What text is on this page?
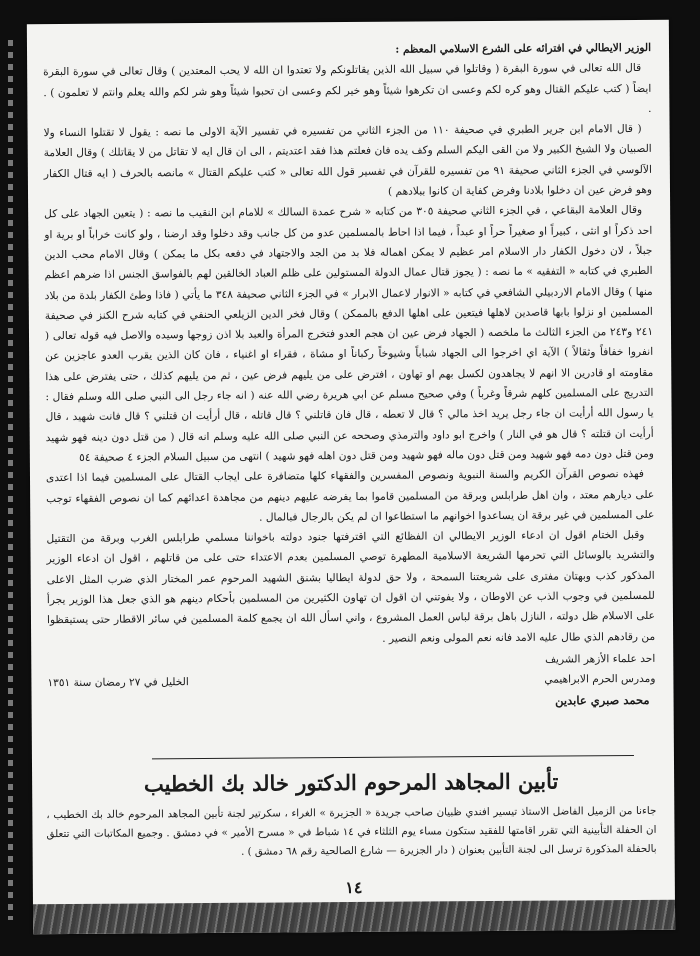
الوزير الايطالي في افترائه على الشرع الاسلامي المعظم :

قال الله تعالى في سورة البقرة ( وقاتلوا في سبيل الله الذين يقاتلونكم ولا تعتدوا ان الله لا يحب المعتدين ) وقال تعالى في سورة البقرة ايضاً ( كتب عليكم القتال وهو كره لكم وعسى ان تكرهوا شيئاً وهو خير لكم وعسى ان تحبوا شيئاً وهو شر لكم والله يعلم وانتم لا تعلمون ) . .

( قال الامام ابن جرير الطبري في صحيفة ١١٠ من الجزء الثاني من تفسيره في تفسير الآية الاولى ما نصه : يقول لا تقتلوا النساء ولا الصبيان ولا الشيخ الكبير ولا من القى اليكم السلم وكف يده فان فعلتم هذا فقد اعتديتم ، الى ان قال ايه لا تقاتل من لا يقاتلك ) وقال العلامة الآلوسي في الجزء الثاني صحيفة ٩١ من تفسيره للقرآن في تفسير قول الله تعالى « كتب عليكم القتال » مانصه بالحرف ( ايه قتال الكفار وهو فرض عين ان دخلوا بلادنا وفرض كفاية ان كانوا ببلادهم )

وقال العلامة البقاعي ، في الجزء الثاني صحيفة ٣٠٥ من كتابه « شرح عمدة السالك » للامام ابن النقيب ما نصه : ( يتعين الجهاد على كل احد ذكراً او انثى ، كبيراً او صغيراً حراً او عبداً ، فيما اذا احاط بالمسلمين عدو من كل جانب وقد دخلوا وقد ارضنا ، ولو كانت خراباً او برية او جبلاً ، لان دخول الكفار دار الاسلام امر عظيم لا يمكن اهماله فلا بد من الجد والاجتهاد في دفعه بكل ما يمكن ) وقال الامام محب الدين الطبري في كتابه « التفقيه » ما نصه : ( يجوز قتال عمال الدولة المستولين على ظلم العباد الخالقين لهم بالفواسق الجنس اذا ضرهم اعظم منها ) وقال الامام الاردبيلي الشافعي في كتابه « الانوار لاعمال الابرار » في الجزء الثاني صحيفة ٣٤٨ ما يأتي ( فاذا وطئ الكفار بلدة من بلاد المسلمين او نزلوا بابها قاصدين لاهلها فيتعين على اهلها الدفع بالممكن ) وقال فخر الدين الزيلعي الحنفي في كتابه شرح الكنز في صحيفة ٢٤١ و٢٤٣ من الجزء الثالث ما ملخصه ( الجهاد فرض عين ان هجم العدو فتخرج المرأة والعبد بلا اذن زوجها وسيده والاصل فيه قوله تعالى ( انفروا خفافاً وثقالاً ) الآية اي اخرجوا الى الجهاد شباباً وشيوخاً ركباناً او مشاة ، فقراء او اغنياء ، فان كان الذين يقرب العدو عاجزين عن مقاومته او قادرين الا انهم لا يجاهدون لكسل بهم او تهاون ، افترض على من يليهم فرض عين ، ثم من يليهم كذلك ، حتى يفترض على هذا التدريج على المسلمين كلهم شرقاً وغرباً ) وفي صحيح مسلم عن ابي هريرة رضي الله عنه ( انه جاء رجل الى النبي صلى الله وسلم فقال : يا رسول الله أرأيت ان جاء رجل يريد اخذ مالي ؟ قال لا تعطه ، قال فان قاتلني ؟ قال قاتله ، قال أرأيت ان قتلني ؟ قال فانت شهيد ، قال أرأيت ان قتلته ؟ قال هو في النار ) واخرج ابو داود والترمذي وصححه عن النبي صلى الله عليه وسلم انه قال ( من قتل دون دينه فهو شهيد ومن قتل دون دمه فهو شهيد ومن قتل دون ماله فهو شهيد ومن قتل دون اهله فهو شهيد ) انتهى من سبيل السلام الجزء ٤ صحيفة ٥٤

فهذه نصوص القرآن الكريم والسنة النبوية ونصوص المفسرين والفقهاء كلها متضافرة على ايجاب القتال على المسلمين فيما اذا اعتدى على ديارهم معتد ، وان اهل طرابلس وبرقة من المسلمين قاموا بما يفرضه عليهم دينهم من مجاهدة اعدائهم كما ان نصوص الفقهاء توجب على المسلمين في غير برقة ان يساعدوا اخوانهم ما استطاعوا ان لم يكن بالرجال فبالمال .

وقبل الختام اقول ان ادعاء الوزير الايطالي ان الفظائع التي اقترفتها جنود دولته باخواننا مسلمي طرابلس الغرب وبرقة من التقتيل والتشريد بالوسائل التي تحرمها الشريعة الاسلامية المطهرة توصي المسلمين بعدم الاعتداء حتى على من قاتلهم ، اقول ان ادعاء الوزير المذكور كذب وبهتان مفترى على شريعتنا السمحة ، ولا حق لدولة ايطاليا بشنق الشهيد المرحوم عمر المختار الذي ضرب المثل الاعلى للمسلمين في وجوب الذب عن الاوطان ، ولا يفوتني ان اقول ان تهاون الكثيرين من المسلمين بأحكام دينهم هو الذي جعل هذا الوزير يجرأ على الاسلام ظل دولته ، النازل باهل برقة لباس العمل المشروع ، واني اسأل الله ان يجمع كلمة المسلمين في سائر الاقطار حتى يستيقظوا من رقادهم الذي طال عليه الامد فانه نعم المولى ونعم النصير .

احد علماء الأزهر الشريف
ومدرس الحرم الابراهيمي
الخليل في ٢٧ رمضان سنة ١٣٥١
محمد صبري عابدين
تأبين المجاهد المرحوم الدكتور خالد بك الخطيب
جاءنا من الزميل الفاضل الاستاذ تيسير افندي ظبيان صاحب جريدة « الجزيرة » الغراء ، سكرتير لجنة تأبين المجاهد المرحوم خالد بك الخطيب ، ان الحفلة التأبينية التي تقرر اقامتها للفقيد ستكون مساء يوم الثلثاء في ١٤ شباط في « مسرح الأمير » في دمشق . وجميع المكاتبات التي تتعلق بالحفلة المذكورة ترسل الى لجنة التأبين بعنوان ( دار الجزيرة — شارع الصالحية رقم ٦٨ دمشق ) .
١٤
